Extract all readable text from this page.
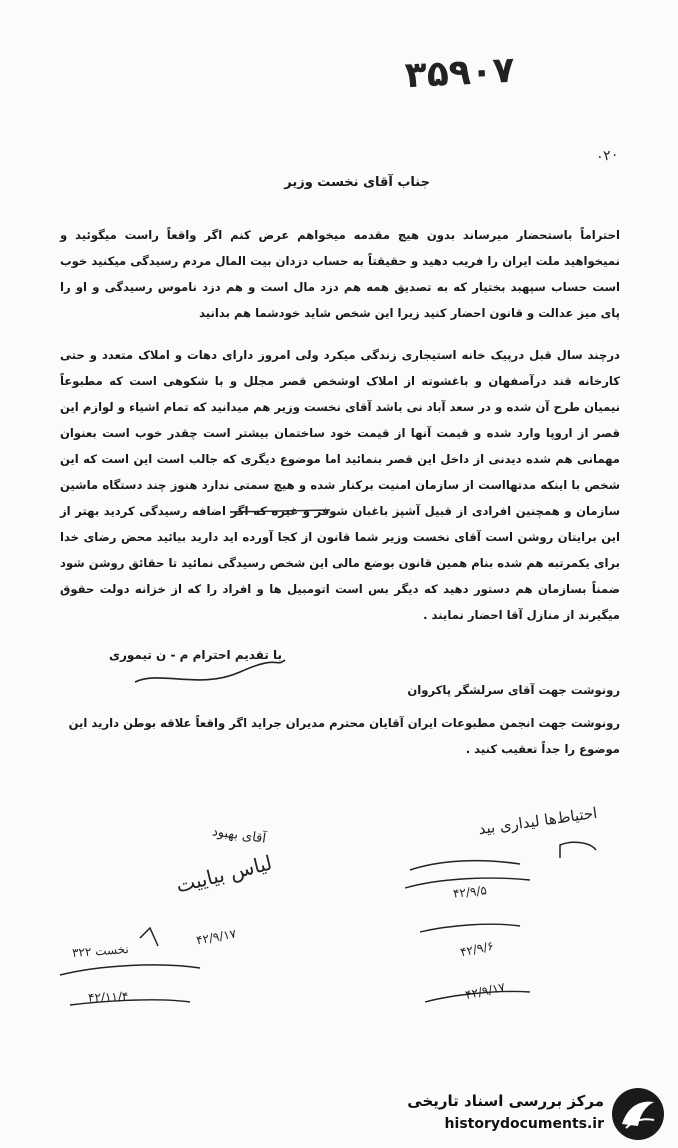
۳۵۹۰۷
٠٢٠
جناب آقای نخست وزیر
احتراماً باستحضار میرساند بدون هیچ مقدمه میخواهم عرض کنم اگر واقعاً راست میگوئید و نمیخواهید ملت ایران را فریب دهید و حقیقتاً به حساب دزدان بیت المال مردم رسیدگی میکنید خوب است حساب سپهبد بختیار که به تصدیق همه هم دزد مال است و هم دزد ناموس رسیدگی و او را پای میز عدالت و قانون احضار کنید زیرا این شخص شاید خودشما هم بدانید
درچند سال قبل درپیک خانه استیجاری زندگی میکرد ولی امروز دارای دهات و املاک متعدد و حتی کارخانه قند درآصفهان و باغشوته از املاک اوشخص قصر مجلل و با شکوهی است که مطبوعاً نیمیان طرح آن شده و در سعد آباد نی باشد آقای نخست وزیر هم میدانید که تمام اشیاء و لوازم این قصر از اروپا وارد شده و قیمت آنها از قیمت خود ساختمان بیشتر است چقدر خوب است بعنوان مهمانی هم شده دیدنی از داخل این قصر بنمائید اما موضوع دیگری که جالب است این است که این شخص با اینکه مدتهااست از سازمان امنیت برکنار شده و هیچ سمتی ندارد هنوز چند دستگاه ماشین سازمان و همچنین افرادی از قبیل آشپز باغبان شوفر و غیره که اگر اضافه رسیدگی کردید بهتر از این برایتان روشن است آقای نخست وزیر شما قانون از کجا آورده اید دارید بیائید محض رضای خدا برای یکمرتبه هم شده بنام همین قانون بوضع مالی این شخص رسیدگی نمائید تا حقائق روشن شود ضمناً بسازمان هم دستور دهید که دیگر بس است اتومبیل ها و افراد را که از خزانه دولت حقوق میگیرند از منازل آقا احضار نمایند .
با تقدیم احترام م - ن تیموری
رونوشت جهت آقای سرلشگر پاکروان
رونوشت جهت انجمن مطبوعات ایران آقایان محترم مدیران جراید اگر واقعاً علاقه بوطن دارید این موضوع را جداً تعقیب کنید .
احتیاط‌ها لیداری بید
آقای بهبود
لیاس بیاییت	۴۲/۹/۵
۴۲/۹/۶
۴۲/۹/۱۷
۴۲/۹/۱۷
نخست ۳۲۲
۴۲/۱۱/۴
مرکز بررسی اسناد تاریخی
historydocuments.ir
